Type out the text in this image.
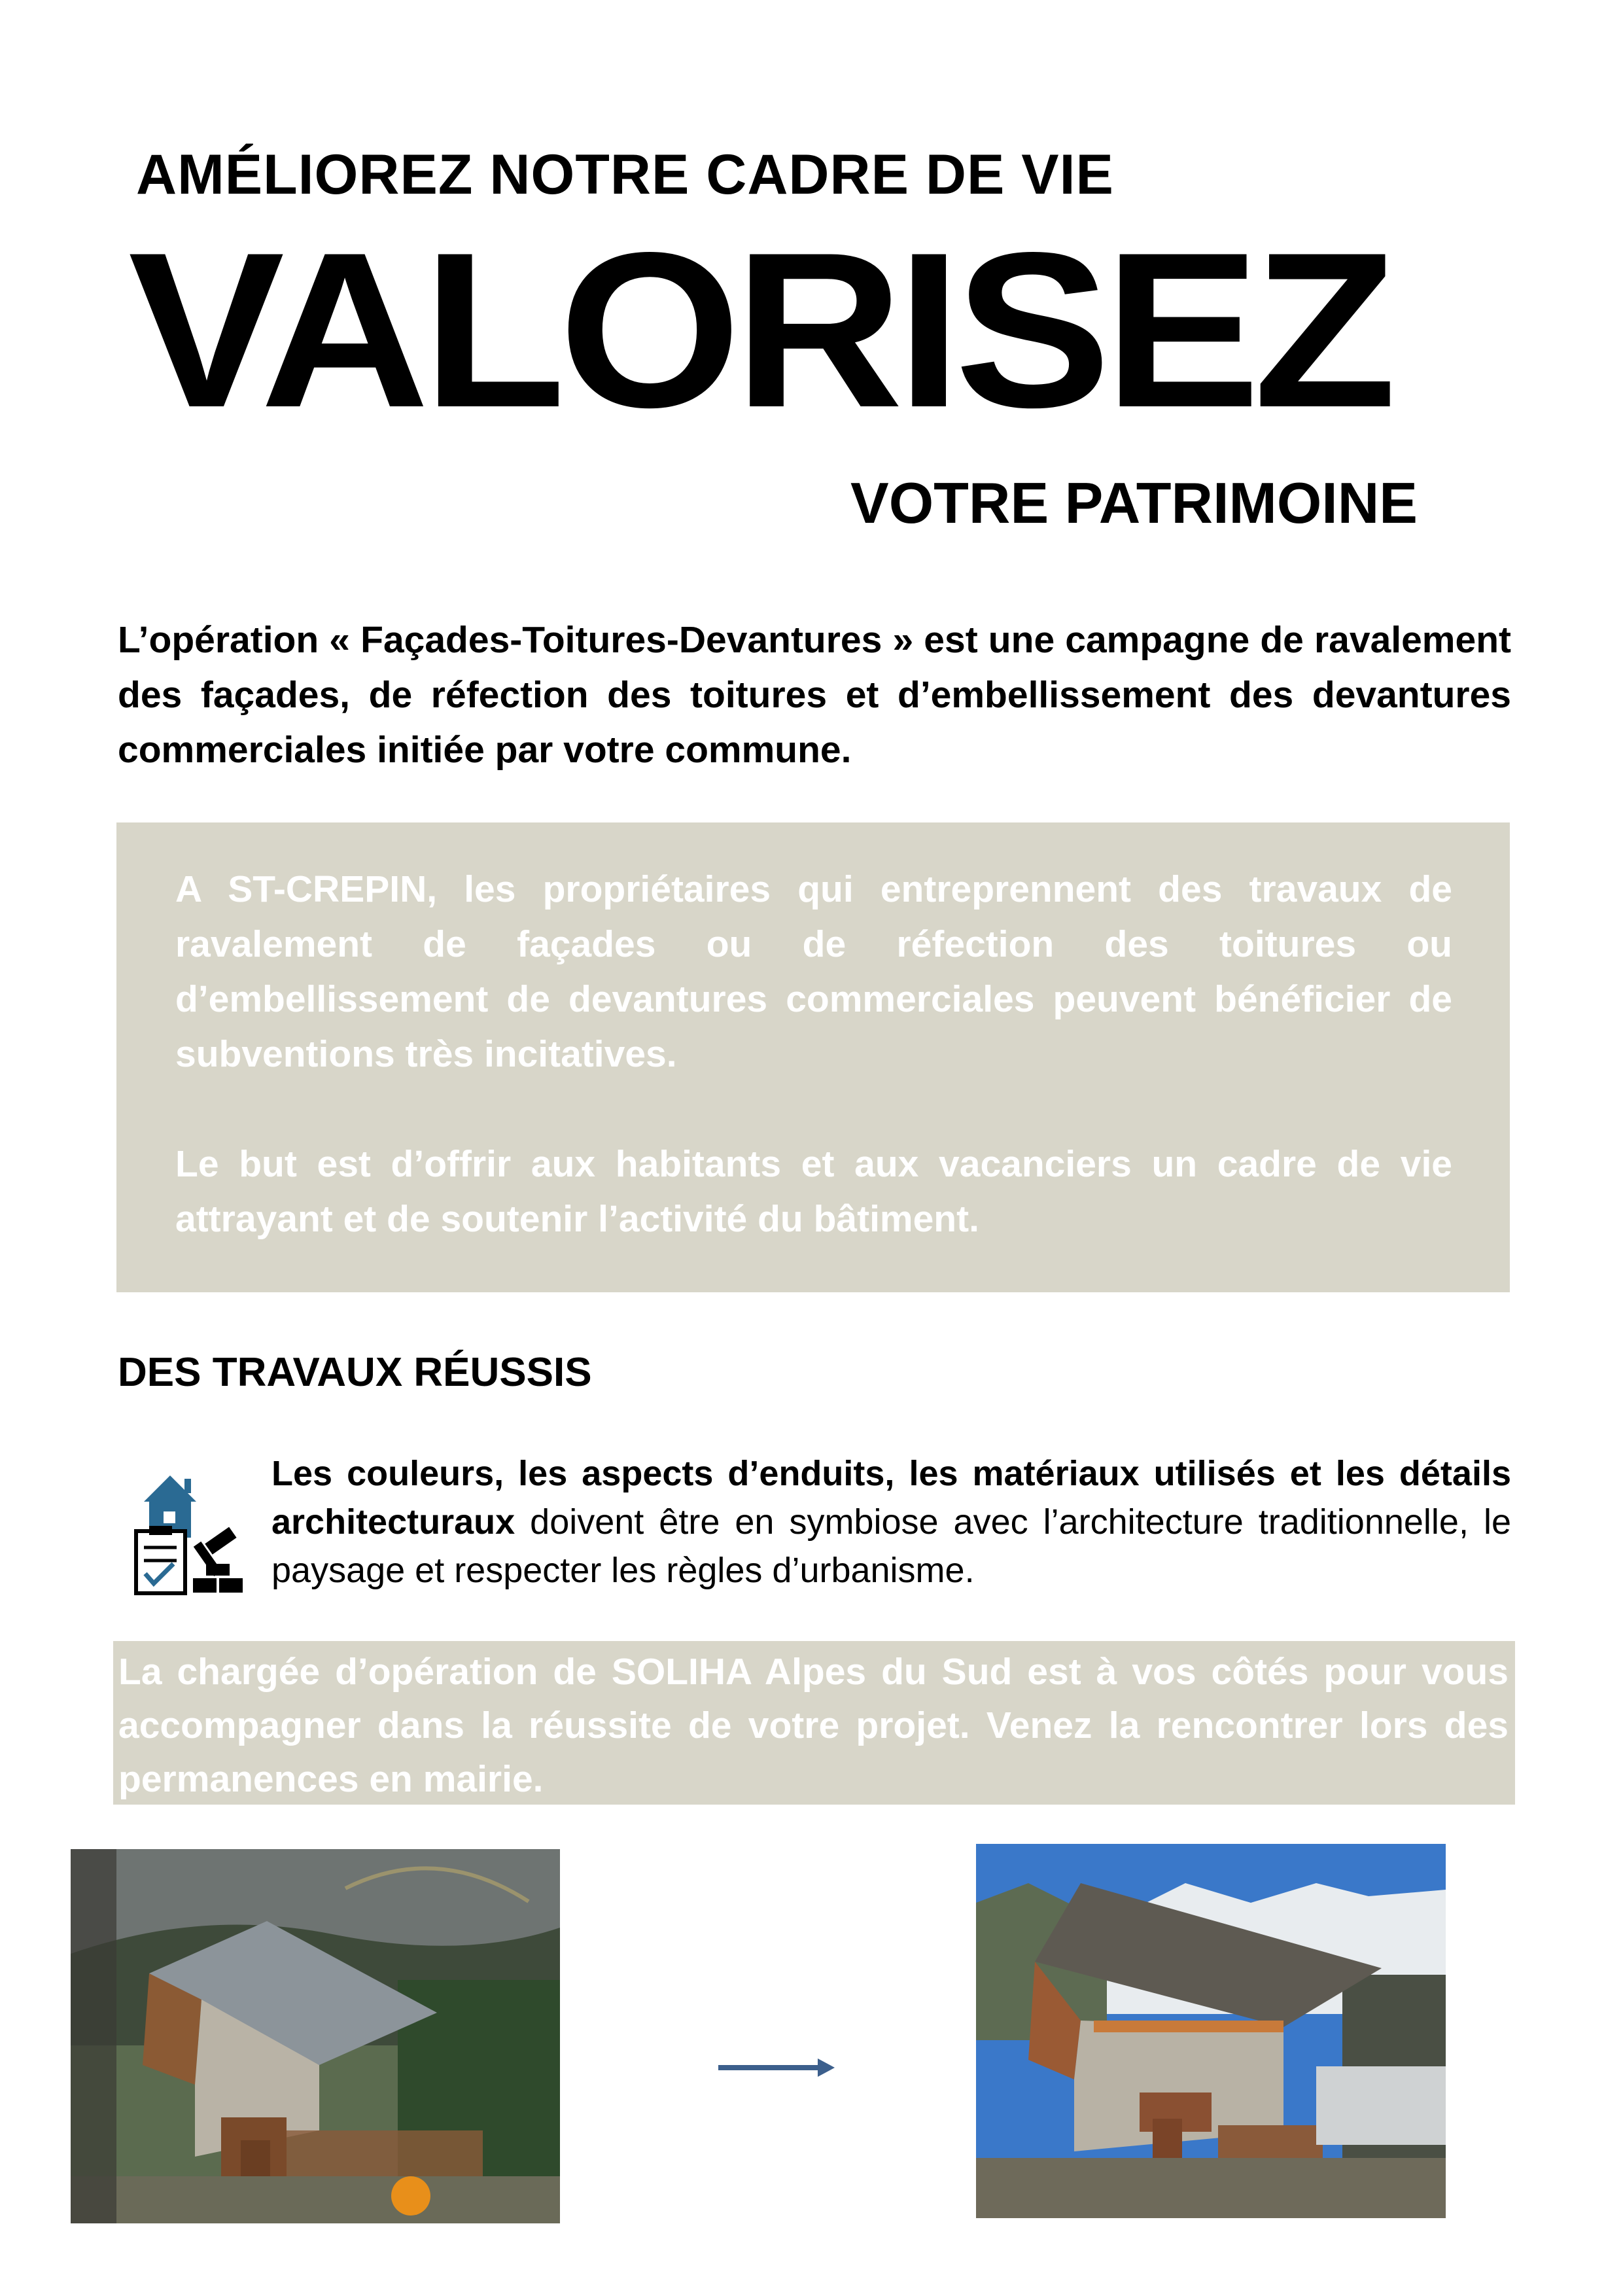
AMÉLIOREZ NOTRE CADRE DE VIE
VALORISEZ
VOTRE PATRIMOINE
L’opération « Façades-Toitures-Devantures » est une campagne de ravalement des façades, de réfection des toitures et d’embellissement des devantures commerciales initiée par votre commune.

A ST-CREPIN, les propriétaires qui entreprennent des travaux de ravalement de façades ou de réfection des toitures ou d’embellissement de devantures commerciales peuvent bénéficier de subventions très incitatives.

Le but est d’offrir aux habitants et aux vacanciers un cadre de vie attrayant et de soutenir l’activité du bâtiment.

DES TRAVAUX RÉUSSIS
Les couleurs, les aspects d’enduits, les matériaux utilisés et les détails architecturaux doivent être en symbiose avec l’architecture traditionnelle, le paysage et respecter les règles d’urbanisme.
La chargée d’opération de SOLIHA Alpes du Sud est à vos côtés pour vous accompagner dans la réussite de votre projet. Venez la rencontrer lors des permanences en mairie.
